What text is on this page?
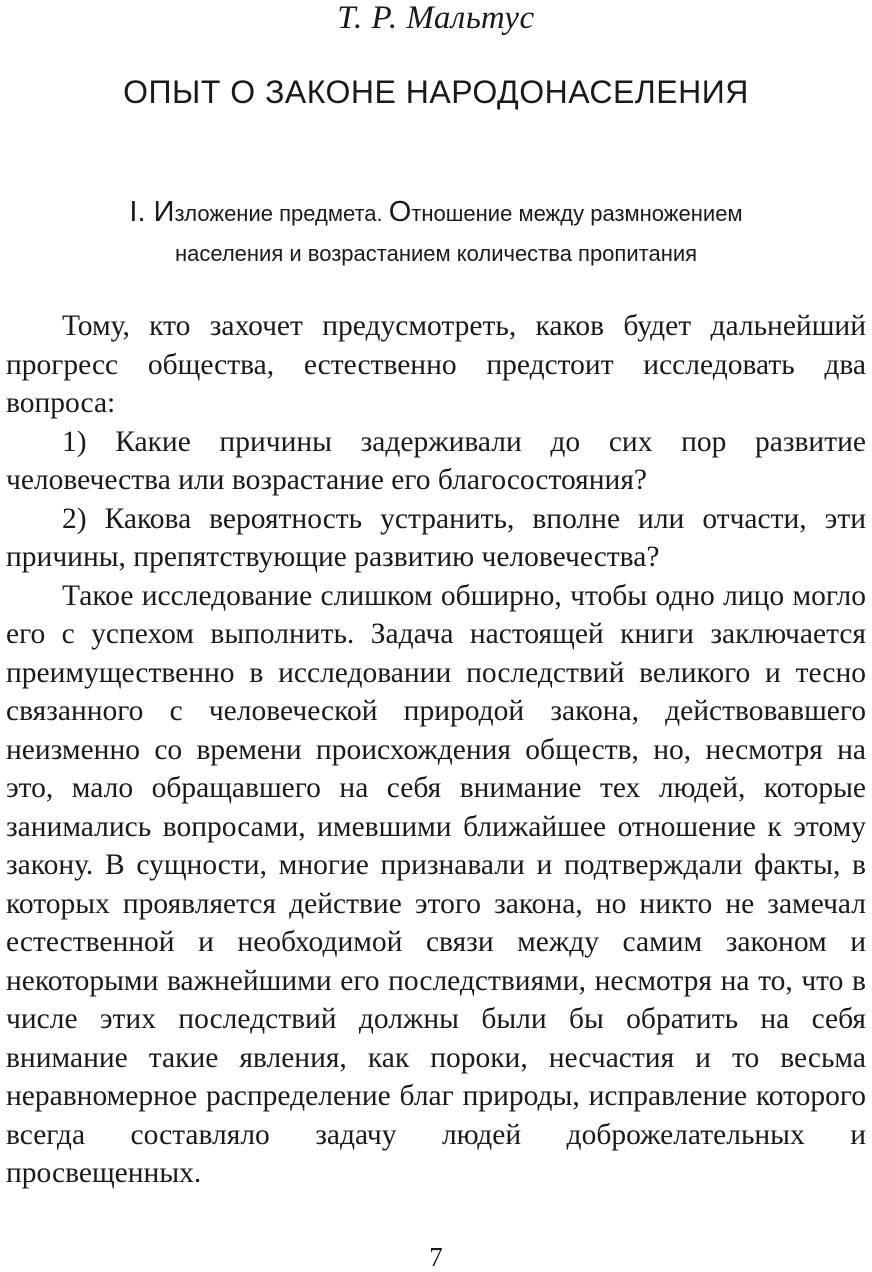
Т. Р. Мальтус
ОПЫТ О ЗАКОНЕ НАРОДОНАСЕЛЕНИЯ
I. Изложение предмета. Отношение между размножением
населения и возрастанием количества пропитания

Тому, кто захочет предусмотреть, каков будет дальнейший прогресс общества, естественно предстоит исследовать два вопроса:

1) Какие причины задерживали до сих пор развитие человечества или возрастание его благосостояния?

2) Какова вероятность устранить, вполне или отчасти, эти причины, препятствующие развитию человечества?

Такое исследование слишком обширно, чтобы одно лицо могло его с успехом выполнить. Задача настоящей книги заключается преимущественно в исследовании последствий великого и тесно связанного с человеческой природой закона, действовавшего неизменно со времени происхождения обществ, но, несмотря на это, мало обращавшего на себя внимание тех людей, которые занимались вопросами, имевшими ближайшее отношение к этому закону. В сущности, многие признавали и подтверждали факты, в которых проявляется действие этого закона, но никто не замечал естественной и необходимой связи между самим законом и некоторыми важнейшими его последствиями, несмотря на то, что в числе этих последствий должны были бы обратить на себя внимание такие явления, как пороки, несчастия и то весьма неравномерное распределение благ природы, исправление которого всегда составляло задачу людей доброжелательных и просвещенных.

7
